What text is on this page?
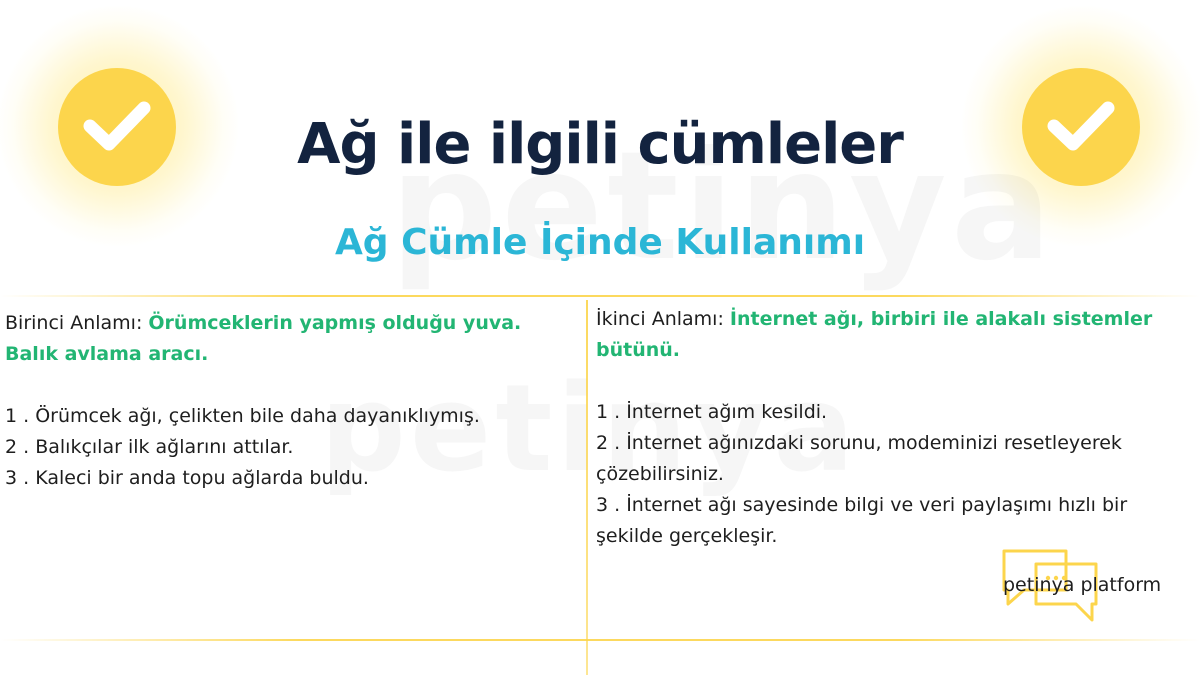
Ağ ile ilgili cümleler
Ağ Cümle İçinde Kullanımı
Birinci Anlamı: Örümceklerin yapmış olduğu yuva. Balık avlama aracı.
1 . Örümcek ağı, çelikten bile daha dayanıklıymış.
2 . Balıkçılar ilk ağlarını attılar.
3 . Kaleci bir anda topu ağlarda buldu.
İkinci Anlamı: İnternet ağı, birbiri ile alakalı sistemler bütünü.
1 . İnternet ağım kesildi.
2 . İnternet ağınızdaki sorunu, modeminizi resetleyerek çözebilirsiniz.
3 . İnternet ağı sayesinde bilgi ve veri paylaşımı hızlı bir şekilde gerçekleşir.
petinya platform
